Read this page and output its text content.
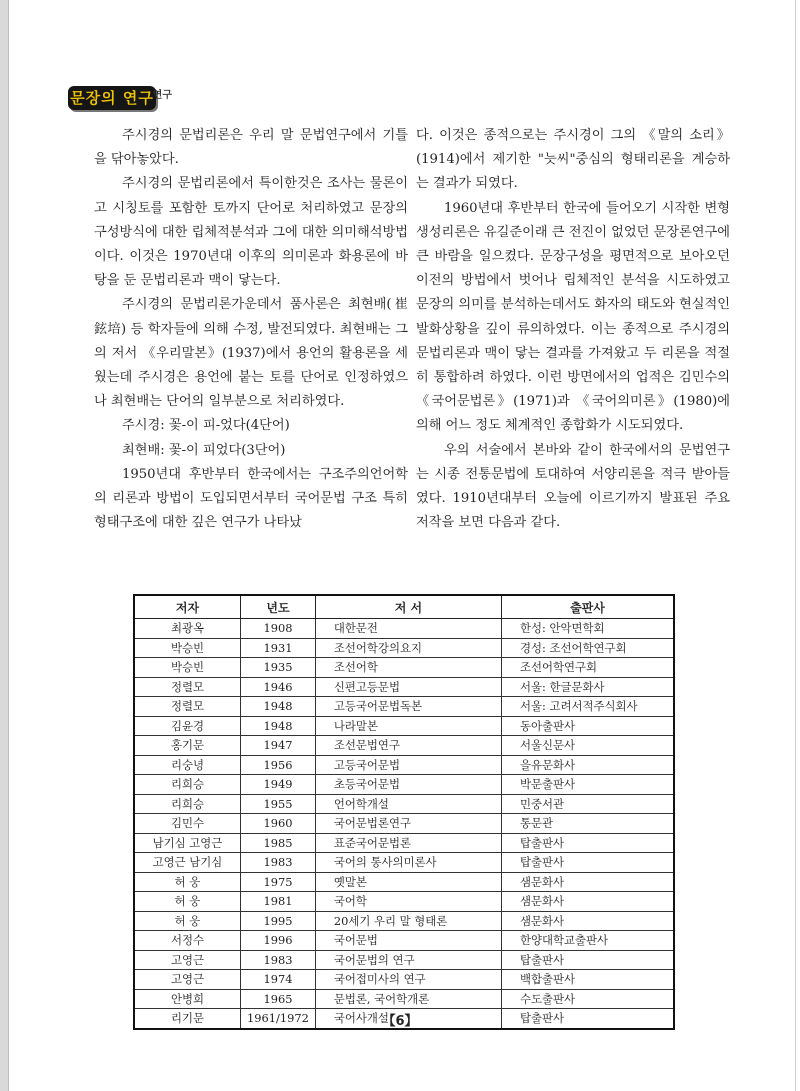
문장의 연구
연구

주시경의 문법리론은 우리 말 문법연구에서 기틀을 닦아놓았다.

주시경의 문법리론에서 특이한것은 조사는 물론이고 시칭토를 포함한 토까지 단어로 처리하였고 문장의 구성방식에 대한 립체적분석과 그에 대한 의미해석방법이다. 이것은 1970년대 이후의 의미론과 화용론에 바탕을 둔 문법리론과 맥이 닿는다.

주시경의 문법리론가운데서 품사론은 최현배(崔鉉培) 등 학자들에 의해 수정, 발전되였다. 최현배는 그의 저서 《우리말본》(1937)에서 용언의 활용론을 세웠는데 주시경은 용언에 붙는 토를 단어로 인정하였으나 최현배는 단어의 일부분으로 처리하였다.

주시경: 꽃-이 피-었다(4단어)

최현배: 꽃-이 피었다(3단어)

1950년대 후반부터 한국에서는 구조주의언어학의 리론과 방법이 도입되면서부터 국어문법 구조 특히 형태구조에 대한 깊은 연구가 나타났

다. 이것은 종적으로는 주시경이 그의 《말의 소리》(1914)에서 제기한 "늣씨"중심의 형태리론을 계승하는 결과가 되였다.

1960년대 후반부터 한국에 들어오기 시작한 변형생성리론은 유길준이래 큰 전진이 없었던 문장론연구에 큰 바람을 일으켰다. 문장구성을 평면적으로 보아오던 이전의 방법에서 벗어나 립체적인 분석을 시도하였고 문장의 의미를 분석하는데서도 화자의 태도와 현실적인 발화상황을 깊이 류의하였다. 이는 종적으로 주시경의 문법리론과 맥이 닿는 결과를 가져왔고 두 리론을 적절히 통합하려 하였다. 이런 방면에서의 업적은 김민수의 《국어문법론》(1971)과 《국어의미론》(1980)에 의해 어느 정도 체계적인 종합화가 시도되였다.

우의 서술에서 본바와 같이 한국에서의 문법연구는 시종 전통문법에 토대하여 서양리론을 적극 받아들였다. 1910년대부터 오늘에 이르기까지 발표된 주요 저작을 보면 다음과 같다.

저자	년도	저 서	출판사
최광옥	1908	대한문전	한성: 안악면학회
박승빈	1931	조선어학강의요지	경성: 조선어학연구회
박승빈	1935	조선어학	조선어학연구회
정렬모	1946	신편고등문법	서울: 한글문화사
정렬모	1948	고등국어문법독본	서울: 고려서적주식회사
김윤경	1948	나라말본	동아출판사
홍기문	1947	조선문법연구	서울신문사
리숭녕	1956	고등국어문법	을유문화사
리희승	1949	초등국어문법	박문출판사
리희승	1955	언어학개설	민중서관
김민수	1960	국어문법론연구	통문관
남기심 고영근	1985	표준국어문법론	탑출판사
고영근 남기심	1983	국어의 통사의미론사	탑출판사
허 웅	1975	옛말본	샘문화사
허 웅	1981	국어학	샘문화사
허 웅	1995	20세기 우리 말 형태론	샘문화사
서정수	1996	국어문법	한양대학교출판사
고영근	1983	국어문법의 연구	탑출판사
고영근	1974	국어접미사의 연구	백합출판사
안병희	1965	문법론, 국어학개론	수도출판사
리기문	1961/1972	국어사개설	탑출판사
【6】
